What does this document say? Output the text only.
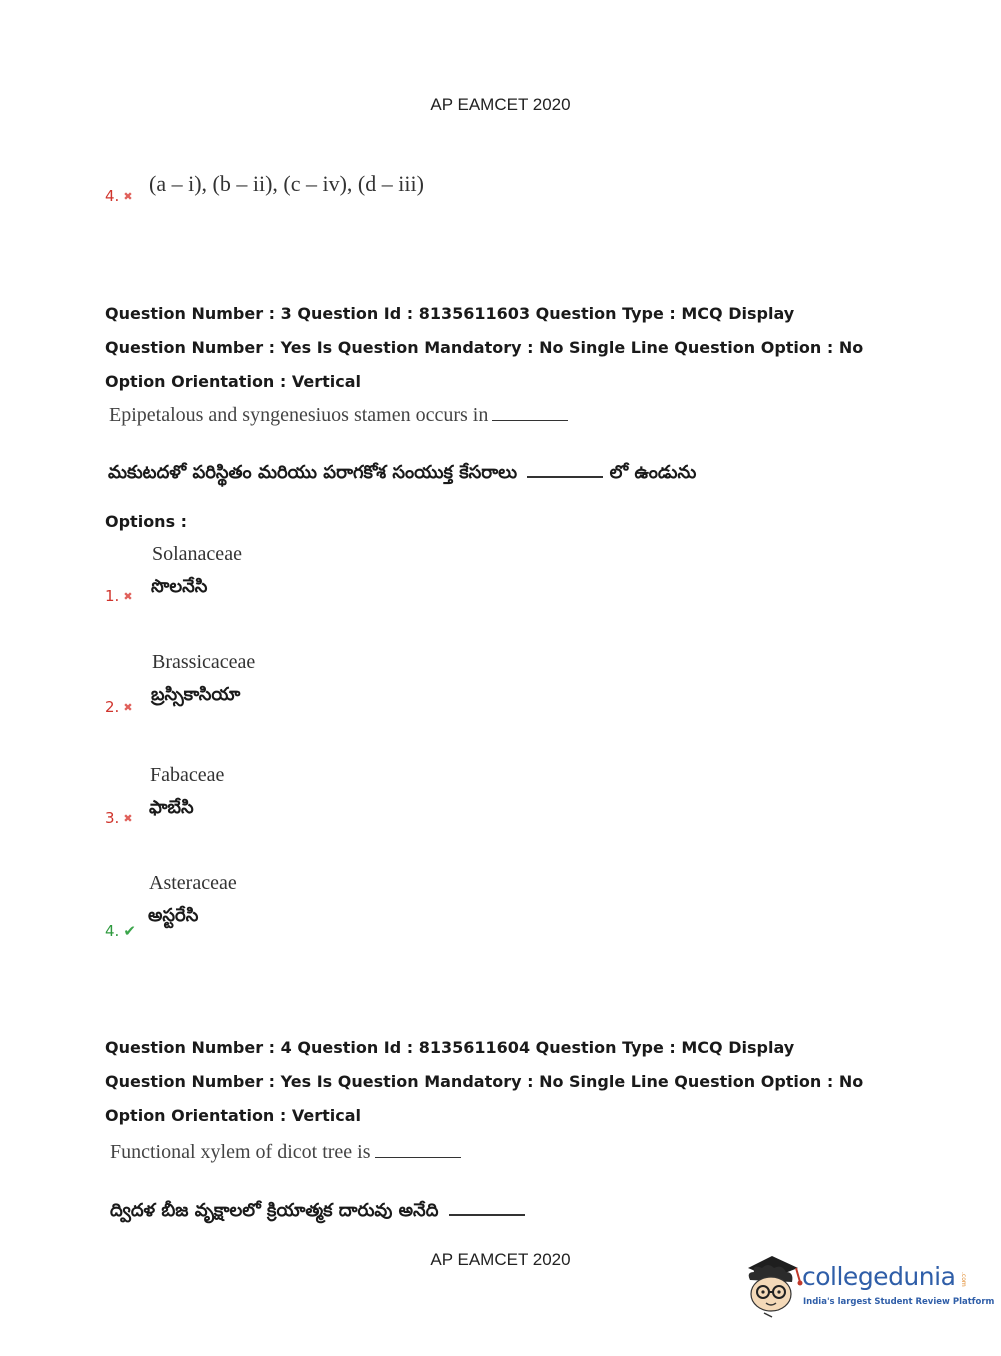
AP EAMCET 2020
4. ✖
(a – i), (b – ii), (c – iv), (d – iii)
Question Number : 3 Question Id : 8135611603 Question Type : MCQ Display Question Number : Yes Is Question Mandatory : No Single Line Question Option : No Option Orientation : Vertical
Epipetalous and syngenesiuos stamen occurs in
మకుటదళో పరిస్థితం మరియు పరాగకోశ సంయుక్త కేసరాలు	లో ఉండును
Options :
Solanaceae
సొలనేసి
1. ✖
Brassicaceae
బ్రస్సికాసియా
2. ✖
Fabaceae
ఫాబేసి
3. ✖
Asteraceae
అస్టరేసి
4. ✔
Question Number : 4 Question Id : 8135611604 Question Type : MCQ Display Question Number : Yes Is Question Mandatory : No Single Line Question Option : No Option Orientation : Vertical
Functional xylem of dicot tree is
ద్విదళ బీజ వృక్షాలలో క్రియాత్మక దారువు అనేది
AP EAMCET 2020
collegedunia .com
India's largest Student Review Platform
